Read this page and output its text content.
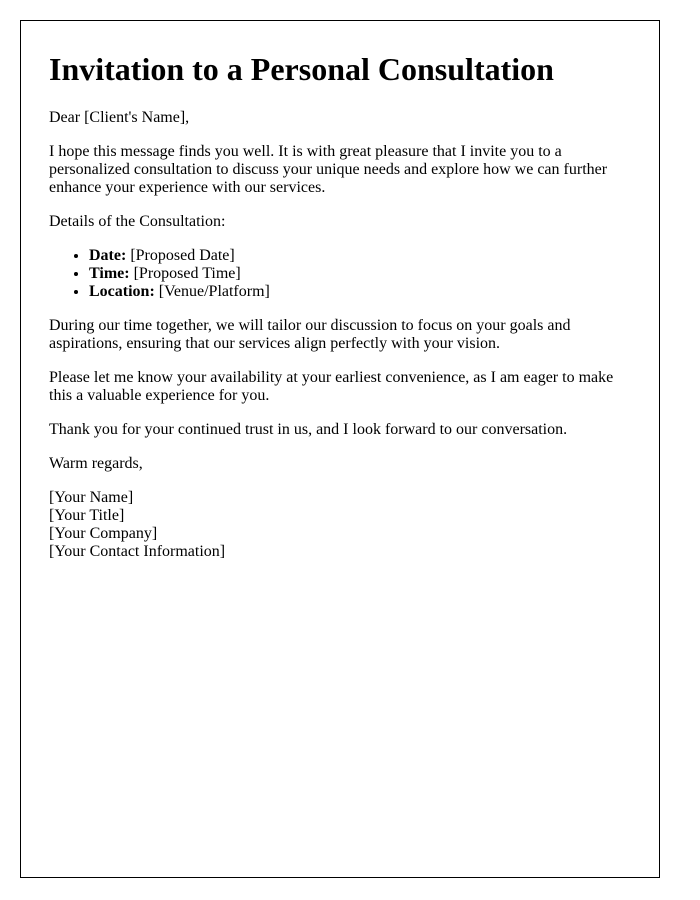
Invitation to a Personal Consultation

Dear [Client's Name],

I hope this message finds you well. It is with great pleasure that I invite you to a personalized consultation to discuss your unique needs and explore how we can further enhance your experience with our services.

Details of the Consultation:

• Date: [Proposed Date]
• Time: [Proposed Time]
• Location: [Venue/Platform]

During our time together, we will tailor our discussion to focus on your goals and aspirations, ensuring that our services align perfectly with your vision.

Please let me know your availability at your earliest convenience, as I am eager to make this a valuable experience for you.

Thank you for your continued trust in us, and I look forward to our conversation.

Warm regards,

[Your Name]
[Your Title]
[Your Company]
[Your Contact Information]
